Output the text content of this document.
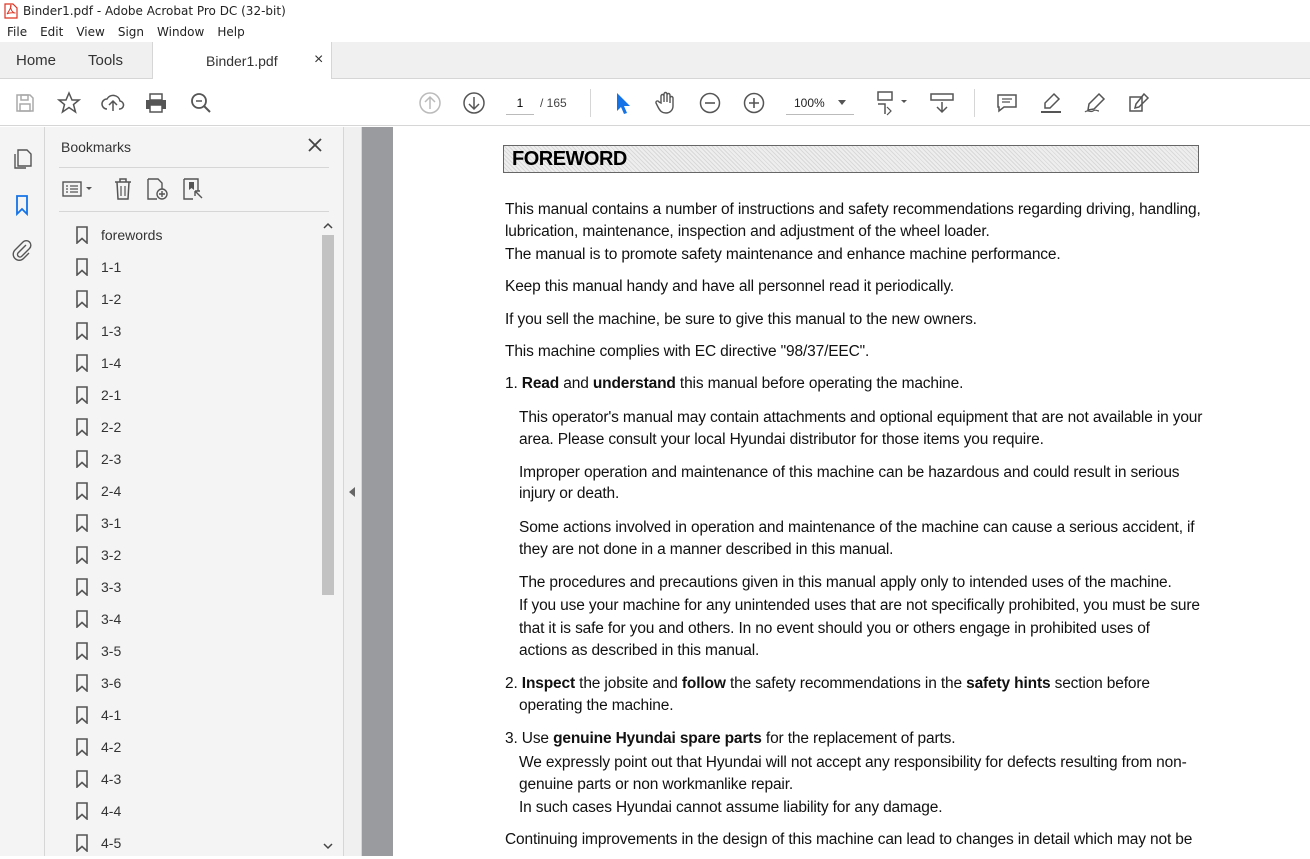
Binder1.pdf - Adobe Acrobat Pro DC (32-bit)
File	Edit	View	Sign	Window	Help
Home Tools	Binder1.pdf ×
1
/ 165	100%
Bookmarks
forewords
1-1
1-2
1-3
1-4
2-1
2-2
2-3
2-4
3-1
3-2
3-3
3-4
3-5
3-6
4-1
4-2
4-3
4-4
4-5
FOREWORD
This manual contains a number of instructions and safety recommendations regarding driving, handling,
lubrication, maintenance, inspection and adjustment of the wheel loader.
The manual is to promote safety maintenance and enhance machine performance.
Keep this manual handy and have all personnel read it periodically.
If you sell the machine, be sure to give this manual to the new owners.
This machine complies with EC directive "98/37/EEC".
1. Read and understand this manual before operating the machine.
This operator's manual may contain attachments and optional equipment that are not available in your
area. Please consult your local Hyundai distributor for those items you require.
Improper operation and maintenance of this machine can be hazardous and could result in serious
injury or death.
Some actions involved in operation and maintenance of the machine can cause a serious accident, if
they are not done in a manner described in this manual.
The procedures and precautions given in this manual apply only to intended uses of the machine.
If you use your machine for any unintended uses that are not specifically prohibited, you must be sure
that it is safe for you and others. In no event should you or others engage in prohibited uses of
actions as described in this manual.
2. Inspect the jobsite and follow the safety recommendations in the safety hints section before
operating the machine.
3. Use genuine Hyundai spare parts for the replacement of parts.
We expressly point out that Hyundai will not accept any responsibility for defects resulting from non-
genuine parts or non workmanlike repair.
In such cases Hyundai cannot assume liability for any damage.
Continuing improvements in the design of this machine can lead to changes in detail which may not be
